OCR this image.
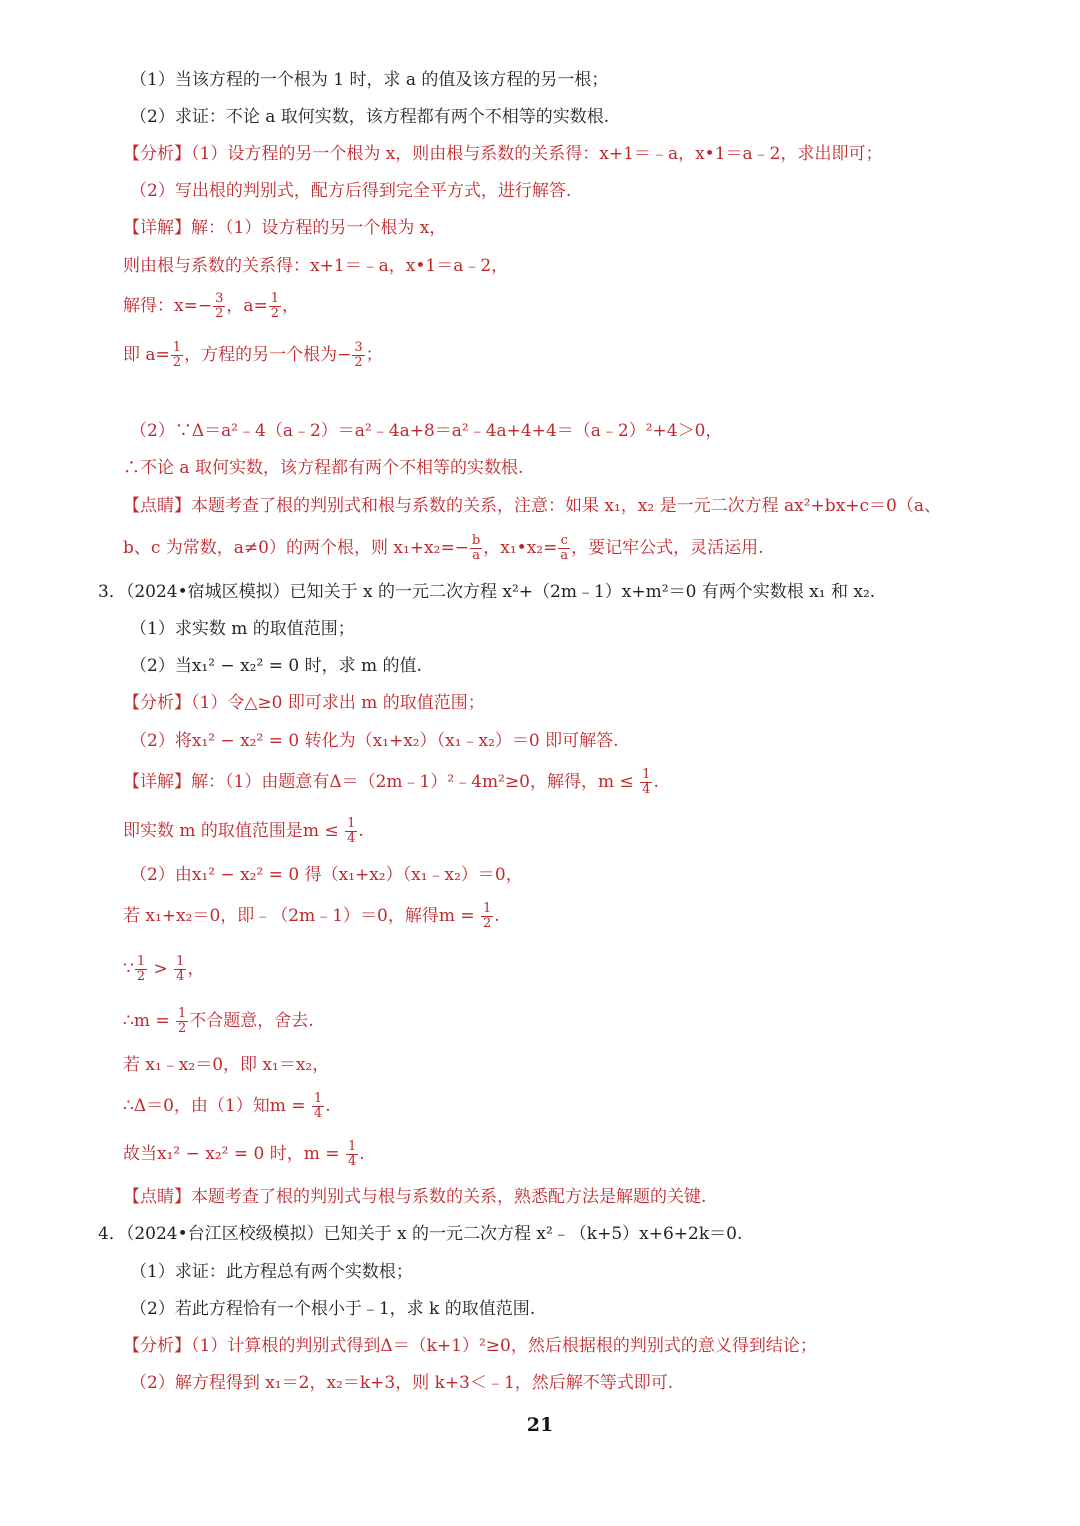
（1）当该方程的一个根为 1 时，求 a 的值及该方程的另一根；
（2）求证：不论 a 取何实数，该方程都有两个不相等的实数根.
【分析】（1）设方程的另一个根为 x，则由根与系数的关系得：x+1＝﹣a，x•1＝a﹣2，求出即可；
（2）写出根的判别式，配方后得到完全平方式，进行解答.
【详解】解：（1）设方程的另一个根为 x，
则由根与系数的关系得：x+1＝﹣a，x•1＝a﹣2，
解得：$x=- \frac{3}{2}$ ，$a= \frac{1}{2}$ ，
即 $a= \frac{1}{2}$ ，方程的另一个根为− $\frac{3}{2}$ ；
（2）∵Δ＝a²﹣4（a﹣2）＝a²﹣4a+8＝a²﹣4a+4+4＝（a﹣2）²+4＞0，
∴不论 a 取何实数，该方程都有两个不相等的实数根.
【点睛】本题考查了根的判别式和根与系数的关系，注意：如果 x₁，x₂ 是一元二次方程 ax²+bx+c＝0（a、
b、c 为常数，a≠0）的两个根，则 $x_1+x_2=- \frac{b}{a}$ ，x₁•x₂= $\frac{c}{a}$ ，要记牢公式，灵活运用.
3．（2024•宿城区模拟）已知关于 x 的一元二次方程 x²+（2m﹣1）x+m²＝0 有两个实数根 x₁ 和 x₂.
（1）求实数 m 的取值范围；
（2）当x₁² − x₂² = 0 时，求 m 的值.
【分析】（1）令△≥0 即可求出 m 的取值范围；
（2）将x₁² − x₂² = 0 转化为（x₁+x₂）（x₁﹣x₂）＝0 即可解答.
【详解】解：（1）由题意有Δ＝（2m﹣1）²﹣4m²≥0，解得，$m \le \frac{1}{4}$ .
即实数 m 的取值范围是$m \le \frac{1}{4}$ .
（2）由x₁² − x₂² = 0 得（x₁+x₂）（x₁﹣x₂）＝0，
若 x₁+x₂＝0，即﹣（2m﹣1）＝0，解得$m = \frac{1}{2}$ .
∵ $\frac{1}{2} > \frac{1}{4}$ ，
∴m = $\frac{1}{2}$ 不合题意，舍去.
若 x₁﹣x₂＝0，即 x₁＝x₂，
∴Δ＝0，由（1）知$m = \frac{1}{4}$ .
故当x₁² − x₂² = 0 时，$m = \frac{1}{4}$ .
【点睛】本题考查了根的判别式与根与系数的关系，熟悉配方法是解题的关键.
4．（2024•台江区校级模拟）已知关于 x 的一元二次方程 x²﹣（k+5）x+6+2k＝0.
（1）求证：此方程总有两个实数根；
（2）若此方程恰有一个根小于﹣1，求 k 的取值范围.
【分析】（1）计算根的判别式得到Δ＝（k+1）²≥0，然后根据根的判别式的意义得到结论；
（2）解方程得到 x₁＝2，x₂＝k+3，则 k+3＜﹣1，然后解不等式即可.
21
